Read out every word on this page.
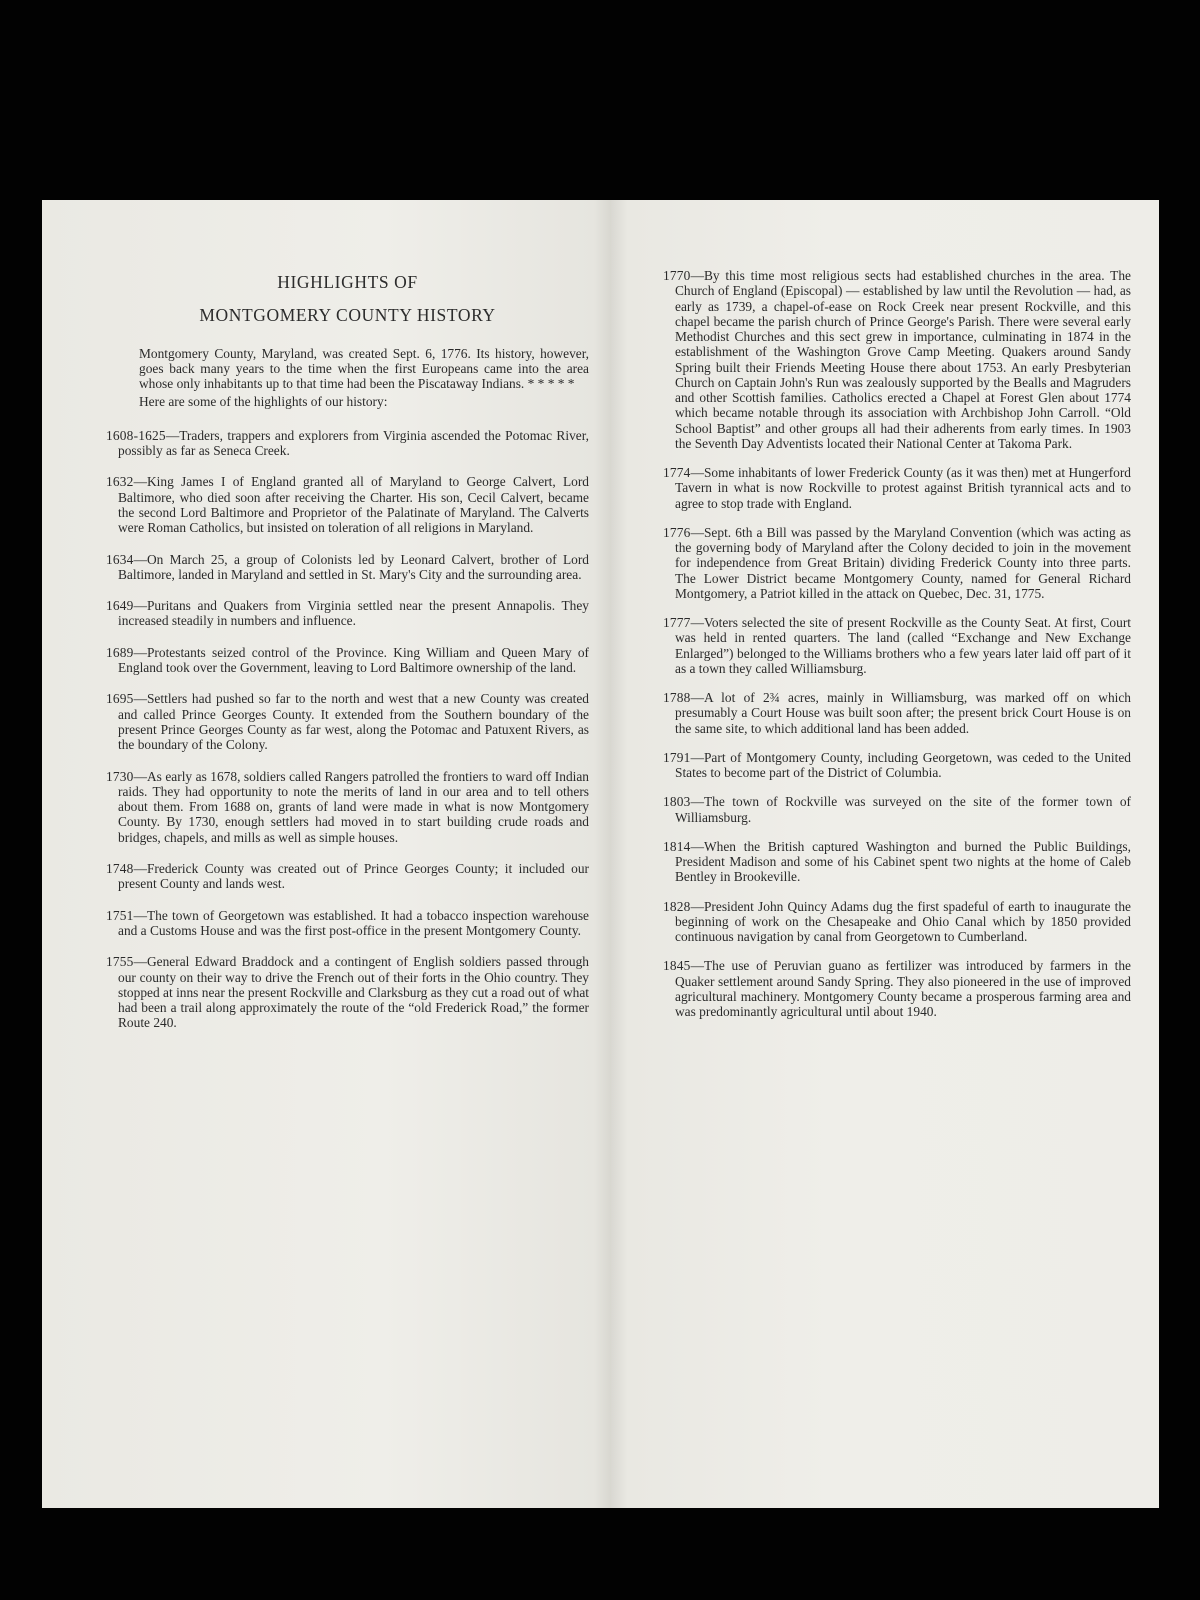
HIGHLIGHTS OF
MONTGOMERY COUNTY HISTORY

Montgomery County, Maryland, was created Sept. 6, 1776. Its history, however, goes back many years to the time when the first Europeans came into the area whose only inhabitants up to that time had been the Piscataway Indians. * * * * *

Here are some of the highlights of our history:

1608-1625—Traders, trappers and explorers from Virginia ascended the Potomac River, possibly as far as Seneca Creek.

1632—King James I of England granted all of Maryland to George Calvert, Lord Baltimore, who died soon after receiving the Charter. His son, Cecil Calvert, became the second Lord Baltimore and Proprietor of the Palatinate of Maryland. The Calverts were Roman Catholics, but insisted on toleration of all religions in Maryland.

1634—On March 25, a group of Colonists led by Leonard Calvert, brother of Lord Baltimore, landed in Maryland and settled in St. Mary's City and the surrounding area.

1649—Puritans and Quakers from Virginia settled near the present Annapolis. They increased steadily in numbers and influence.

1689—Protestants seized control of the Province. King William and Queen Mary of England took over the Government, leaving to Lord Baltimore ownership of the land.

1695—Settlers had pushed so far to the north and west that a new County was created and called Prince Georges County. It extended from the Southern boundary of the present Prince Georges County as far west, along the Potomac and Patuxent Rivers, as the boundary of the Colony.

1730—As early as 1678, soldiers called Rangers patrolled the frontiers to ward off Indian raids. They had opportunity to note the merits of land in our area and to tell others about them. From 1688 on, grants of land were made in what is now Montgomery County. By 1730, enough settlers had moved in to start building crude roads and bridges, chapels, and mills as well as simple houses.

1748—Frederick County was created out of Prince Georges County; it included our present County and lands west.

1751—The town of Georgetown was established. It had a tobacco inspection warehouse and a Customs House and was the first post-office in the present Montgomery County.

1755—General Edward Braddock and a contingent of English soldiers passed through our county on their way to drive the French out of their forts in the Ohio country. They stopped at inns near the present Rockville and Clarksburg as they cut a road out of what had been a trail along approximately the route of the “old Frederick Road,” the former Route 240.

1770—By this time most religious sects had established churches in the area. The Church of England (Episcopal) — established by law until the Revolution — had, as early as 1739, a chapel-of-ease on Rock Creek near present Rockville, and this chapel became the parish church of Prince George's Parish. There were several early Methodist Churches and this sect grew in importance, culminating in 1874 in the establishment of the Washington Grove Camp Meeting. Quakers around Sandy Spring built their Friends Meeting House there about 1753. An early Presbyterian Church on Captain John's Run was zealously supported by the Bealls and Magruders and other Scottish families. Catholics erected a Chapel at Forest Glen about 1774 which became notable through its association with Archbishop John Carroll. “Old School Baptist” and other groups all had their adherents from early times. In 1903 the Seventh Day Adventists located their National Center at Takoma Park.

1774—Some inhabitants of lower Frederick County (as it was then) met at Hungerford Tavern in what is now Rockville to protest against British tyrannical acts and to agree to stop trade with England.

1776—Sept. 6th a Bill was passed by the Maryland Convention (which was acting as the governing body of Maryland after the Colony decided to join in the movement for independence from Great Britain) dividing Frederick County into three parts. The Lower District became Montgomery County, named for General Richard Montgomery, a Patriot killed in the attack on Quebec, Dec. 31, 1775.

1777—Voters selected the site of present Rockville as the County Seat. At first, Court was held in rented quarters. The land (called “Exchange and New Exchange Enlarged”) belonged to the Williams brothers who a few years later laid off part of it as a town they called Williamsburg.

1788—A lot of 2¾ acres, mainly in Williamsburg, was marked off on which presumably a Court House was built soon after; the present brick Court House is on the same site, to which additional land has been added.

1791—Part of Montgomery County, including Georgetown, was ceded to the United States to become part of the District of Columbia.

1803—The town of Rockville was surveyed on the site of the former town of Williamsburg.

1814—When the British captured Washington and burned the Public Buildings, President Madison and some of his Cabinet spent two nights at the home of Caleb Bentley in Brookeville.

1828—President John Quincy Adams dug the first spadeful of earth to inaugurate the beginning of work on the Chesapeake and Ohio Canal which by 1850 provided continuous navigation by canal from Georgetown to Cumberland.

1845—The use of Peruvian guano as fertilizer was introduced by farmers in the Quaker settlement around Sandy Spring. They also pioneered in the use of improved agricultural machinery. Montgomery County became a prosperous farming area and was predominantly agricultural until about 1940.
